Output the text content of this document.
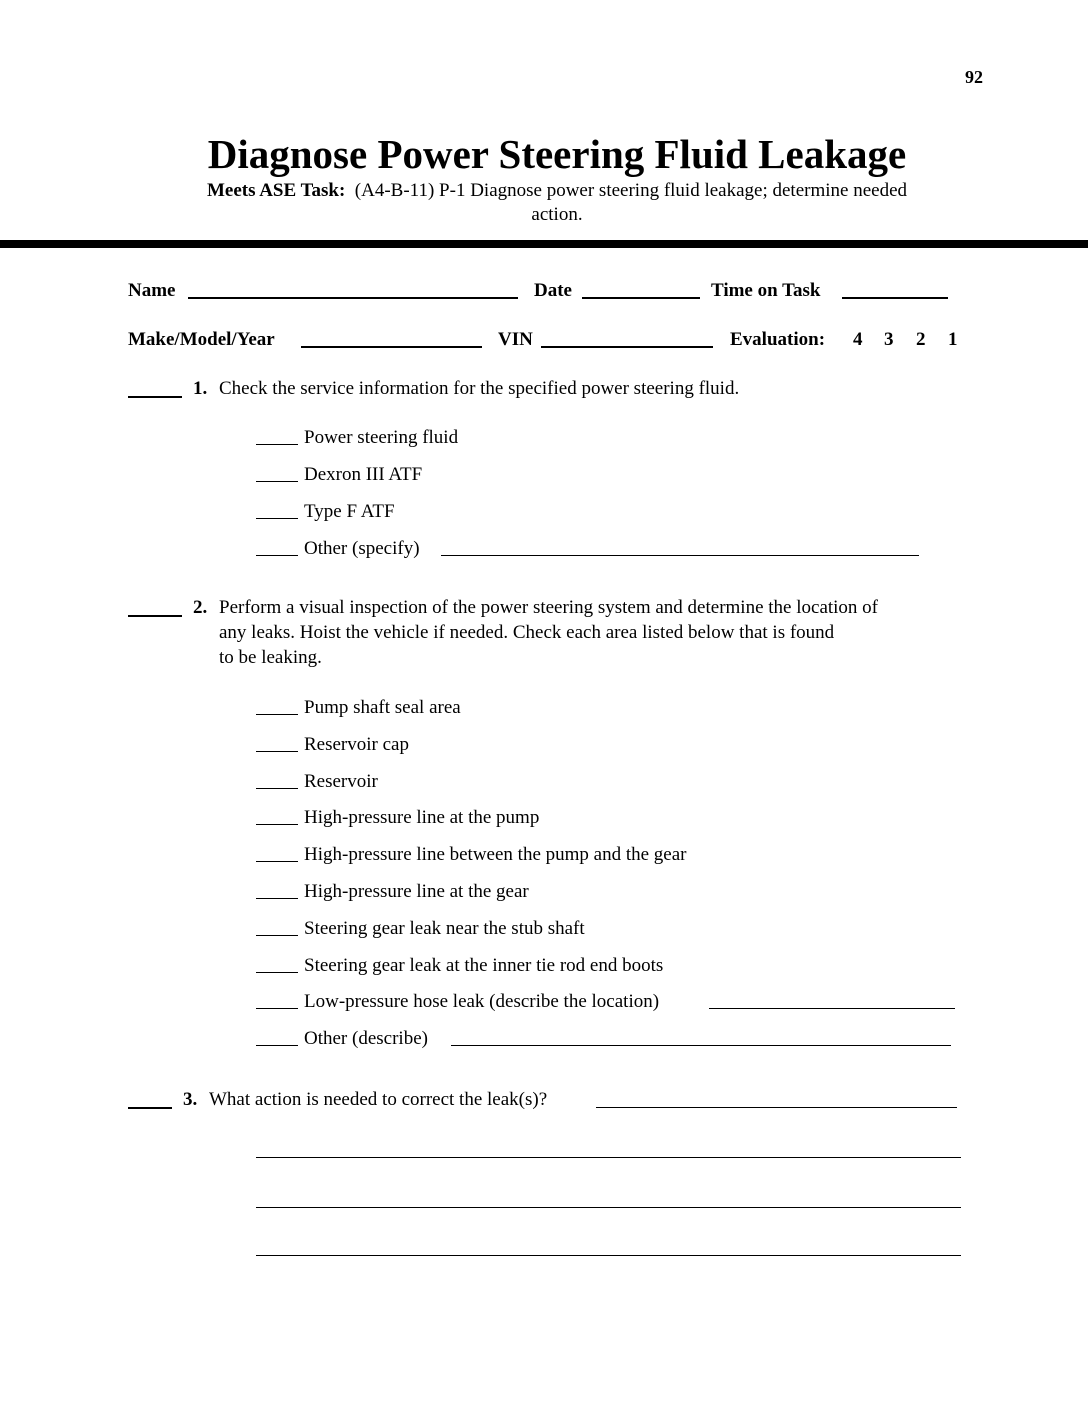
92
Diagnose Power Steering Fluid Leakage
Meets ASE Task: (A4-B-11) P-1 Diagnose power steering fluid leakage; determine needed
action.
Name	Date	Time on Task
Make/Model/Year	VIN	Evaluation: 4 3 2 1
1. Check the service information for the specified power steering fluid.
Power steering fluid
Dexron III ATF
Type F ATF
Other (specify)
2. Perform a visual inspection of the power steering system and determine the location of
any leaks. Hoist the vehicle if needed. Check each area listed below that is found
to be leaking.
Pump shaft seal area
Reservoir cap
Reservoir
High-pressure line at the pump
High-pressure line between the pump and the gear
High-pressure line at the gear
Steering gear leak near the stub shaft
Steering gear leak at the inner tie rod end boots
Low-pressure hose leak (describe the location)
Other (describe)
3. What action is needed to correct the leak(s)?
